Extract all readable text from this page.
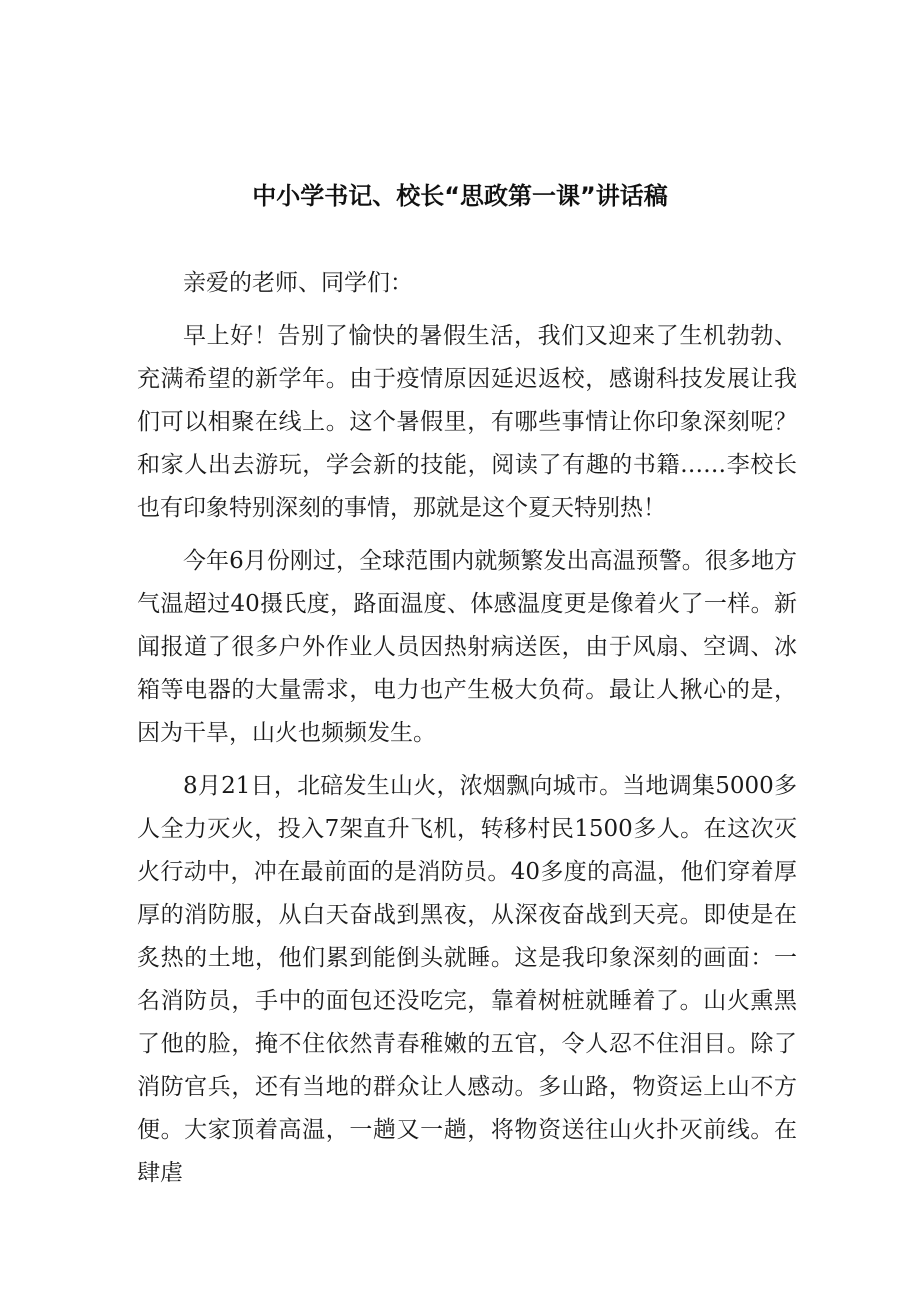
中小学书记、校长“思政第一课”讲话稿

亲爱的老师、同学们：

早上好！告别了愉快的暑假生活，我们又迎来了生机勃勃、充满希望的新学年。由于疫情原因延迟返校，感谢科技发展让我们可以相聚在线上。这个暑假里，有哪些事情让你印象深刻呢？和家人出去游玩，学会新的技能，阅读了有趣的书籍……李校长也有印象特别深刻的事情，那就是这个夏天特别热！

今年6月份刚过，全球范围内就频繁发出高温预警。很多地方气温超过40摄氏度，路面温度、体感温度更是像着火了一样。新闻报道了很多户外作业人员因热射病送医，由于风扇、空调、冰箱等电器的大量需求，电力也产生极大负荷。最让人揪心的是，因为干旱，山火也频频发生。

8月21日，北碚发生山火，浓烟飘向城市。当地调集5000多人全力灭火，投入7架直升飞机，转移村民1500多人。在这次灭火行动中，冲在最前面的是消防员。40多度的高温，他们穿着厚厚的消防服，从白天奋战到黑夜，从深夜奋战到天亮。即使是在炙热的土地，他们累到能倒头就睡。这是我印象深刻的画面：一名消防员，手中的面包还没吃完，靠着树桩就睡着了。山火熏黑了他的脸，掩不住依然青春稚嫩的五官，令人忍不住泪目。除了消防官兵，还有当地的群众让人感动。多山路，物资运上山不方便。大家顶着高温，一趟又一趟，将物资送往山火扑灭前线。在肆虐
